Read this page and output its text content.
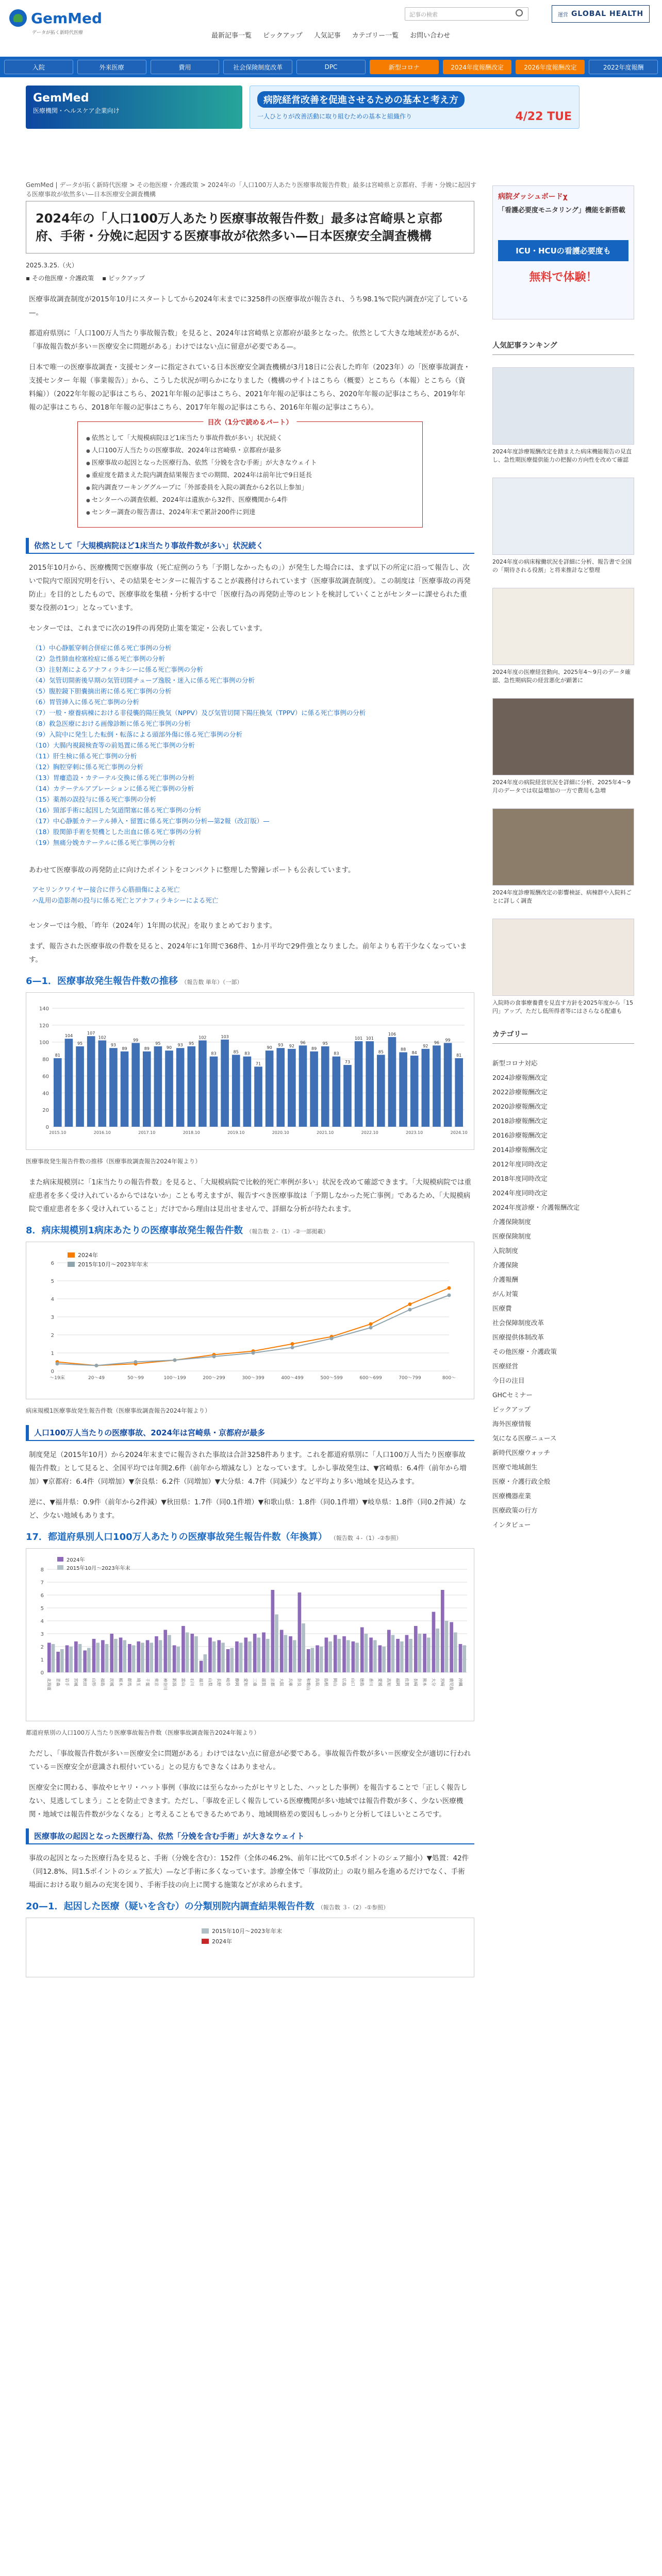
GemMed
データが拓く新時代医療
記事の検索	運営 GLOBAL HEALTH
最新記事一覧 ピックアップ 人気記事 カテゴリー一覧 お問い合わせ
入院	外来医療	費用	社会保険制度改革	DPC	新型コロナ	2024年度報酬改定	2026年度報酬改定	2022年度報酬
GemMed
医療機関・ヘルスケア企業向け
病院経営改善を促進させるための基本と考え方
一人ひとりが改善活動に取り組むための基本と組織作り	4/22 TUE
GemMed | データが拓く新時代医療 > その他医療・介護政策 > 2024年の「人口100万人あたり医療事故報告件数」最多は宮崎県と京都府、手術・分娩に起因する医療事故が依然多い—日本医療安全調査機構
2024年の「人口100万人あたり医療事故報告件数」最多は宮崎県と京都府、手術・分娩に起因する医療事故が依然多い—日本医療安全調査機構
2025.3.25.（火）
▪ その他医療・介護政策 ▪ ピックアップ

医療事故調査制度が2015年10月にスタートしてから2024年末までに3258件の医療事故が報告され、うち98.1%で院内調査が完了している—。

都道府県別に「人口100万人当たり事故報告数」を見ると、2024年は宮崎県と京都府が最多となった。依然として大きな地域差があるが、「事故報告数が多い＝医療安全に問題がある」わけではない点に留意が必要である—。

日本で唯一の医療事故調査・支援センターに指定されている日本医療安全調査機構が3月18日に公表した昨年（2023年）の「医療事故調査・支援センター 年報（事業報告）」から、こうした状況が明らかになりました（機構のサイトはこちら（概要）とこちら（本報）とこちら（資料編））（2022年年報の記事はこちら、2021年年報の記事はこちら、2021年年報の記事はこちら、2020年年報の記事はこちら、2019年年報の記事はこちら、2018年年報の記事はこちら、2017年年報の記事はこちら、2016年年報の記事はこちら）。

目次（1分で読めるパート）
● 依然として「大規模病院ほど1床当たり事故件数が多い」状況続く
● 人口100万人当たりの医療事故、2024年は宮崎県・京都府が最多
● 医療事故の起因となった医療行為、依然「分娩を含む手術」が大きなウェイト
● 重症度を踏まえた院内調査結果報告までの期間、2024年は前年比で9日延長
● 院内調査ワーキンググループに「外部委員を入院の調査から2名以上参加」
● センターへの調査依頼、2024年は遺族から32件、医療機関から4件
● センター調査の報告書は、2024年末で累計200件に到達
依然として「大規模病院ほど1床当たり事故件数が多い」状況続く

2015年10月から、医療機関で医療事故（死亡症例のうち「予期しなかったもの」）が発生した場合には、まず以下の所定に沿って報告し、次いで院内で原因究明を行い、その結果をセンターに報告することが義務付けられています（医療事故調査制度）。この制度は「医療事故の再発防止」を目的としたもので、医療事故を集積・分析する中で「医療行為の再発防止等のヒントを検討していくことがセンターに課せられた重要な役割の1つ」となっています。

センターでは、これまでに次の19件の再発防止策を策定・公表しています。

（1）中心静脈穿刺合併症に係る死亡事例の分析
（2）急性肺血栓塞栓症に係る死亡事例の分析
（3）注射剤によるアナフィラキシーに係る死亡事例の分析
（4）気管切開術後早期の気管切開チューブ逸脱・迷入に係る死亡事例の分析
（5）腹腔鏡下胆嚢摘出術に係る死亡事例の分析
（6）胃管挿入に係る死亡事例の分析
（7）一般・療養病棟における非侵襲的陽圧換気（NPPV）及び気管切開下陽圧換気（TPPV）に係る死亡事例の分析
（8）救急医療における画像診断に係る死亡事例の分析
（9）入院中に発生した転倒・転落による頭部外傷に係る死亡事例の分析
（10）大腸内視鏡検査等の前処置に係る死亡事例の分析
（11）肝生検に係る死亡事例の分析
（12）胸腔穿刺に係る死亡事例の分析
（13）胃瘻造設・カテーテル交換に係る死亡事例の分析
（14）カテーテルアブレーションに係る死亡事例の分析
（15）薬剤の誤投与に係る死亡事例の分析
（16）頸部手術に起因した気道閉塞に係る死亡事例の分析
（17）中心静脈カテーテル挿入・留置に係る死亡事例の分析—第2報（改訂版）—
（18）股関節手術を契機とした出血に係る死亡事例の分析
（19）無痛分娩カテーテルに係る死亡事例の分析

あわせて医療事故の再発防止に向けたポイントをコンパクトに整理した警鐘レポートも公表しています。

アセリンクワイヤー接合に伴う心筋損傷による死亡
ハ乱用の造影剤の投与に係る死亡とアナフィラキシーによる死亡

センターでは今般、「昨年（2024年）1年間の状況」を取りまとめております。

まず、報告された医療事故の件数を見ると、2024年に1年間で368件、1か月平均で29件強となりました。前年よりも若干少なくなっています。

6—1．医療事故発生報告件数の推移 （報告数 単年）（一部）
0
20
40
60
80
100
120
140
81
2015.10
104
95
107
102
2016.10
93
89
99
89
2017.10
95
90
93 95
2018.10
102
83
103
85
2019.10
83
71
90
93
2020.10
92
96
89
95
2021.10
83
73
101 101
2022.10
85
106
88
84
2023.10
92
96
99
81
2024.10
医療事故発生報告件数の推移（医療事故調査報告2024年報より）

また病床規模別に「1床当たりの報告件数」を見ると、「大規模病院で比較的死亡率例が多い」状況を改めて確認できます。「大規模病院では重症患者を多く受け入れているからではないか」ことも考えますが、報告すべき医療事故は「予期しなかった死亡事例」であるため、「大規模病院で重症患者を多く受け入れていること」だけでから理由は見出せませんで、詳細な分析が待たれます。

8．病床規模別1病床あたりの医療事故発生報告件数 （報告数 ２-（1）-②一部掲載）
0
1
2
3
4
5
6
2024年
2015年10月〜2023年年末
〜19床	20〜49	50〜99	100〜199	200〜299	300〜399	400〜499	500〜599	600〜699	700〜799	800〜
病床規模1医療事故発生報告件数（医療事故調査報告2024年報より）
人口100万人当たりの医療事故、2024年は宮崎県・京都府が最多

制度発足（2015年10月）から2024年末までに報告された事故は合計3258件あります。これを都道府県別に「人口100万人当たり医療事故報告件数」として見ると、全国平均では年間2.6件（前年から増減なし）となっています。しかし事故発生は、▼宮崎県：6.4件（前年から増加）▼京都府：6.4件（同増加）▼奈良県：6.2件（同増加）▼大分県：4.7件（同減少）など平均より多い地域を見込みます。

逆に、▼福井県：0.9件（前年から2件減）▼秋田県：1.7件（同0.1件増）▼和歌山県：1.8件（同0.1件増）▼岐阜県：1.8件（同0.2件減）など、少ない地域もあります。

17．都道府県別人口100万人あたりの医療事故発生報告件数（年換算） （報告数 ４-（1）-②参照）
0
1
2
3
4
5
6
7
8
2024年
2015年10月〜2023年年末
北海道 青森 岩手 宮城 秋田 山形 福島 茨城 栃木 群馬 埼玉 千葉 東京 神奈川 新潟 富山 石川 福井 山梨 長野 岐阜 静岡 愛知 三重 滋賀 京都 大阪 兵庫 奈良 和歌山 鳥取 島根 岡山 広島 山口 徳島 香川 愛媛 高知 福岡 佐賀 長崎 熊本 大分 宮崎 鹿児島 沖縄
都道府県別の人口100万人当たり医療事故報告件数（医療事故調査報告2024年報より）

ただし、「事故報告件数が多い＝医療安全に問題がある」わけではない点に留意が必要である。事故報告件数が多い＝医療安全が適切に行われている＝医療安全が意識され根付いている」との見方もできなくはありません。

医療安全に関わる、事故やヒヤリ・ハット事例（事故には至らなかったがヒヤリとした、ハッとした事例）を報告することで「正しく報告しない、見逃してしまう」ことを防止できます。ただし、「事故を正しく報告している医療機関が多い地域では報告件数が多く、少ない医療機関・地域では報告件数が少なくなる」と考えることもできるためであり、地域間格差の要因もしっかりと分析してほしいところです。

医療事故の起因となった医療行為、依然「分娩を含む手術」が大きなウェイト

事故の起因となった医療行為を見ると、手術（分娩を含む）：152件（全体の46.2%、前年に比べて0.5ポイントのシェア縮小）▼処置：42件（同12.8%、同1.5ポイントのシェア拡大）—など手術に多くなっています。診療全体で「事故防止」の取り組みを進めるだけでなく、手術場面における取り組みの充実を図り、手術手技の向上に関する施策などが求められます。

20—1．起因した医療（疑いを含む）の分類別院内調査結果報告件数 （報告数 ３-（2）-①参照）
2015年10月〜2023年年末
2024年
病院ダッシュボードχ
「看護必要度モニタリング」機能を新搭載
ICU・HCUの看護必要度も
無料で体験！
人気記事ランキング
2024年度診療報酬改定を踏まえた病床機能報告の見直し、急性期医療提供能力の把握の方向性を改めて確認
2024年度の病床稼働状況を詳細に分析、報告書で全国の「期待される役割」と将来推計など整理
2024年度の医療経営動向、2025年4〜9月のデータ確認、急性期病院の経営悪化が顕著に
2024年度の病院経営状況を詳細に分析、2025年4〜9月のデータでは収益増加の一方で費用も急増
2024年度診療報酬改定の影響検証、病棟群や入院料ごとに詳しく調査
入院時の食事療養費を見直す方針を2025年度から「15円」アップ、ただし低所得者等にはさらなる配慮も
カテゴリー
新型コロナ対応
2024診療報酬改定
2022診療報酬改定
2020診療報酬改定
2018診療報酬改定
2016診療報酬改定
2014診療報酬改定
2012年度同時改定
2018年度同時改定
2024年度同時改定
2024年度診療・介護報酬改定
介護保険制度
医療保険制度
入院制度
介護保険
介護報酬
がん対策
医療費
社会保障制度改革
医療提供体制改革
その他医療・介護政策
医療経営
今日の注目
GHCセミナー
ピックアップ
海外医療情報
気になる医療ニュース
新時代医療ウォッチ
医療で地域創生
医療・介護行政全般
医療機器産業
医療政策の行方
インタビュー
